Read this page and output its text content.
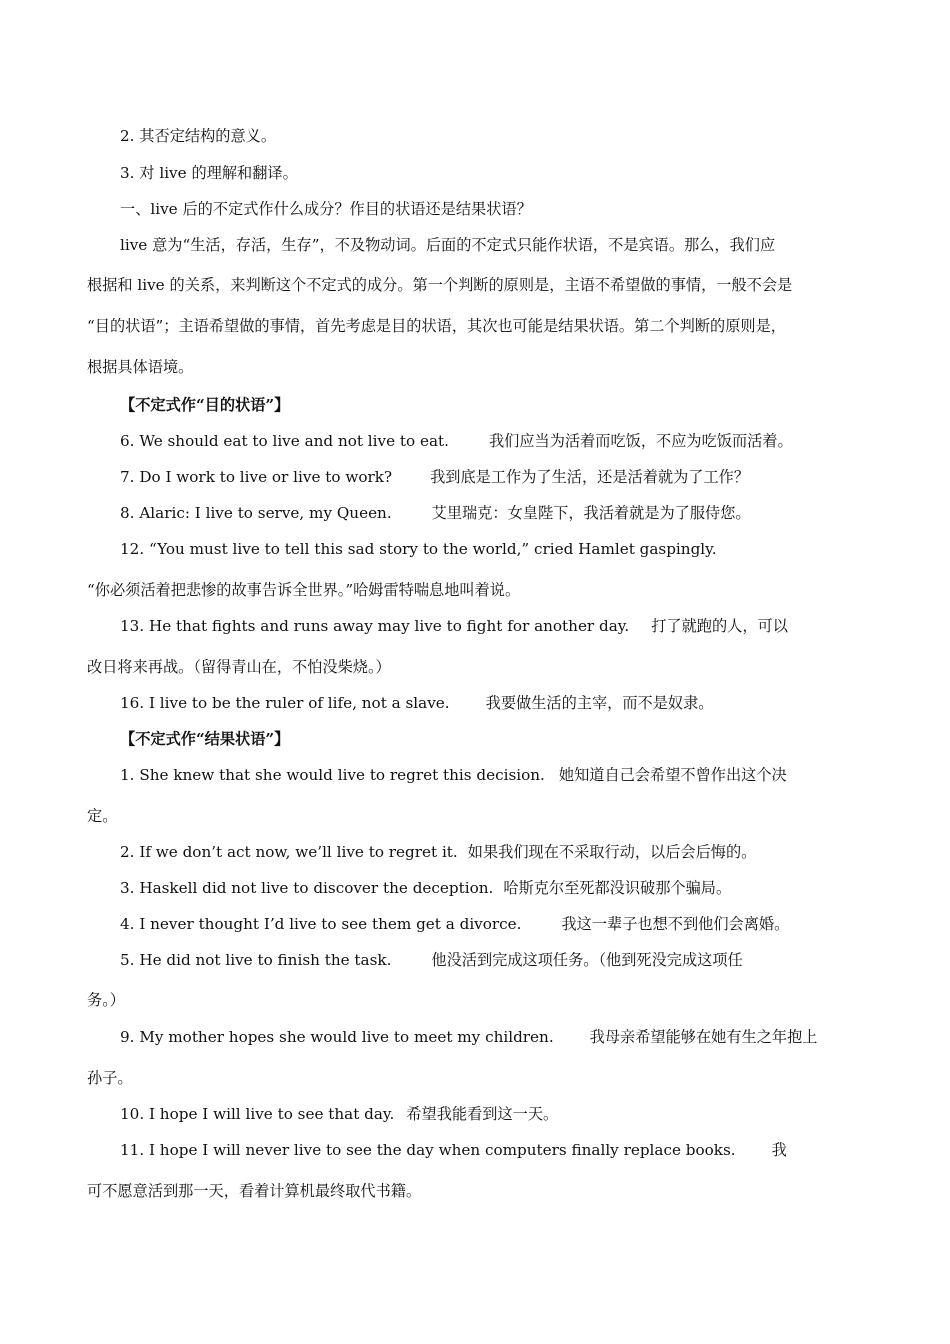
2. 其否定结构的意义。
3. 对 live 的理解和翻译。
一、live 后的不定式作什么成分？作目的状语还是结果状语？
live 意为“生活，存活，生存”，不及物动词。后面的不定式只能作状语，不是宾语。那么，我们应
根据和 live 的关系，来判断这个不定式的成分。第一个判断的原则是，主语不希望做的事情，一般不会是
“目的状语”；主语希望做的事情，首先考虑是目的状语，其次也可能是结果状语。第二个判断的原则是，
根据具体语境。
【不定式作“目的状语”】
6. We should eat to live and not live to eat.	我们应当为活着而吃饭，不应为吃饭而活着。
7. Do I work to live or live to work?	我到底是工作为了生活，还是活着就为了工作？
8. Alaric: I live to serve, my Queen.	艾里瑞克：女皇陛下，我活着就是为了服侍您。
12. “You must live to tell this sad story to the world,” cried Hamlet gaspingly.
“你必须活着把悲惨的故事告诉全世界。”哈姆雷特喘息地叫着说。
13. He that fights and runs away may live to fight for another day. 打了就跑的人，可以
改日将来再战。（留得青山在，不怕没柴烧。）
16. I live to be the ruler of life, not a slave. 我要做生活的主宰，而不是奴隶。
【不定式作“结果状语”】
1. She knew that she would live to regret this decision. 她知道自己会希望不曾作出这个决
定。
2. If we don’t act now, we’ll live to regret it. 如果我们现在不采取行动，以后会后悔的。
3. Haskell did not live to discover the deception. 哈斯克尔至死都没识破那个骗局。
4. I never thought I’d live to see them get a divorce.	我这一辈子也想不到他们会离婚。
5. He did not live to finish the task.	他没活到完成这项任务。（他到死没完成这项任
务。）
9. My mother hopes she would live to meet my children. 我母亲希望能够在她有生之年抱上
孙子。
10. I hope I will live to see that day. 希望我能看到这一天。
11. I hope I will never live to see the day when computers finally replace books. 我
可不愿意活到那一天，看着计算机最终取代书籍。
